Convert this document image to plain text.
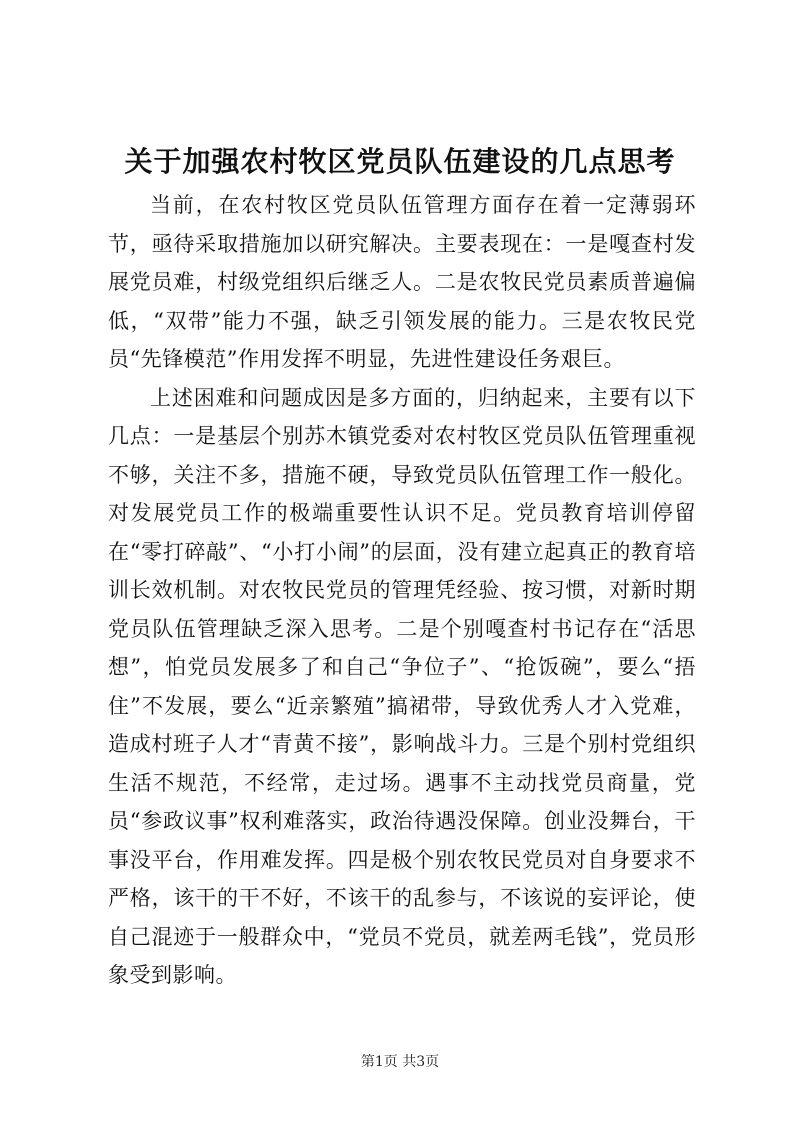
关于加强农村牧区党员队伍建设的几点思考

当前，在农村牧区党员队伍管理方面存在着一定薄弱环节，亟待采取措施加以研究解决。主要表现在：一是嘎查村发展党员难，村级党组织后继乏人。二是农牧民党员素质普遍偏低，“双带”能力不强，缺乏引领发展的能力。三是农牧民党员“先锋模范”作用发挥不明显，先进性建设任务艰巨。

上述困难和问题成因是多方面的，归纳起来，主要有以下几点：一是基层个别苏木镇党委对农村牧区党员队伍管理重视不够，关注不多，措施不硬，导致党员队伍管理工作一般化。对发展党员工作的极端重要性认识不足。党员教育培训停留在“零打碎敲”、“小打小闹”的层面，没有建立起真正的教育培训长效机制。对农牧民党员的管理凭经验、按习惯，对新时期党员队伍管理缺乏深入思考。二是个别嘎查村书记存在“活思想”，怕党员发展多了和自己“争位子”、“抢饭碗”，要么“捂住”不发展，要么“近亲繁殖”搞裙带，导致优秀人才入党难，造成村班子人才“青黄不接”，影响战斗力。三是个别村党组织生活不规范，不经常，走过场。遇事不主动找党员商量，党员“参政议事”权利难落实，政治待遇没保障。创业没舞台，干事没平台，作用难发挥。四是极个别农牧民党员对自身要求不严格，该干的干不好，不该干的乱参与，不该说的妄评论，使自己混迹于一般群众中，“党员不党员，就差两毛钱”，党员形象受到影响。

第1页 共3页
